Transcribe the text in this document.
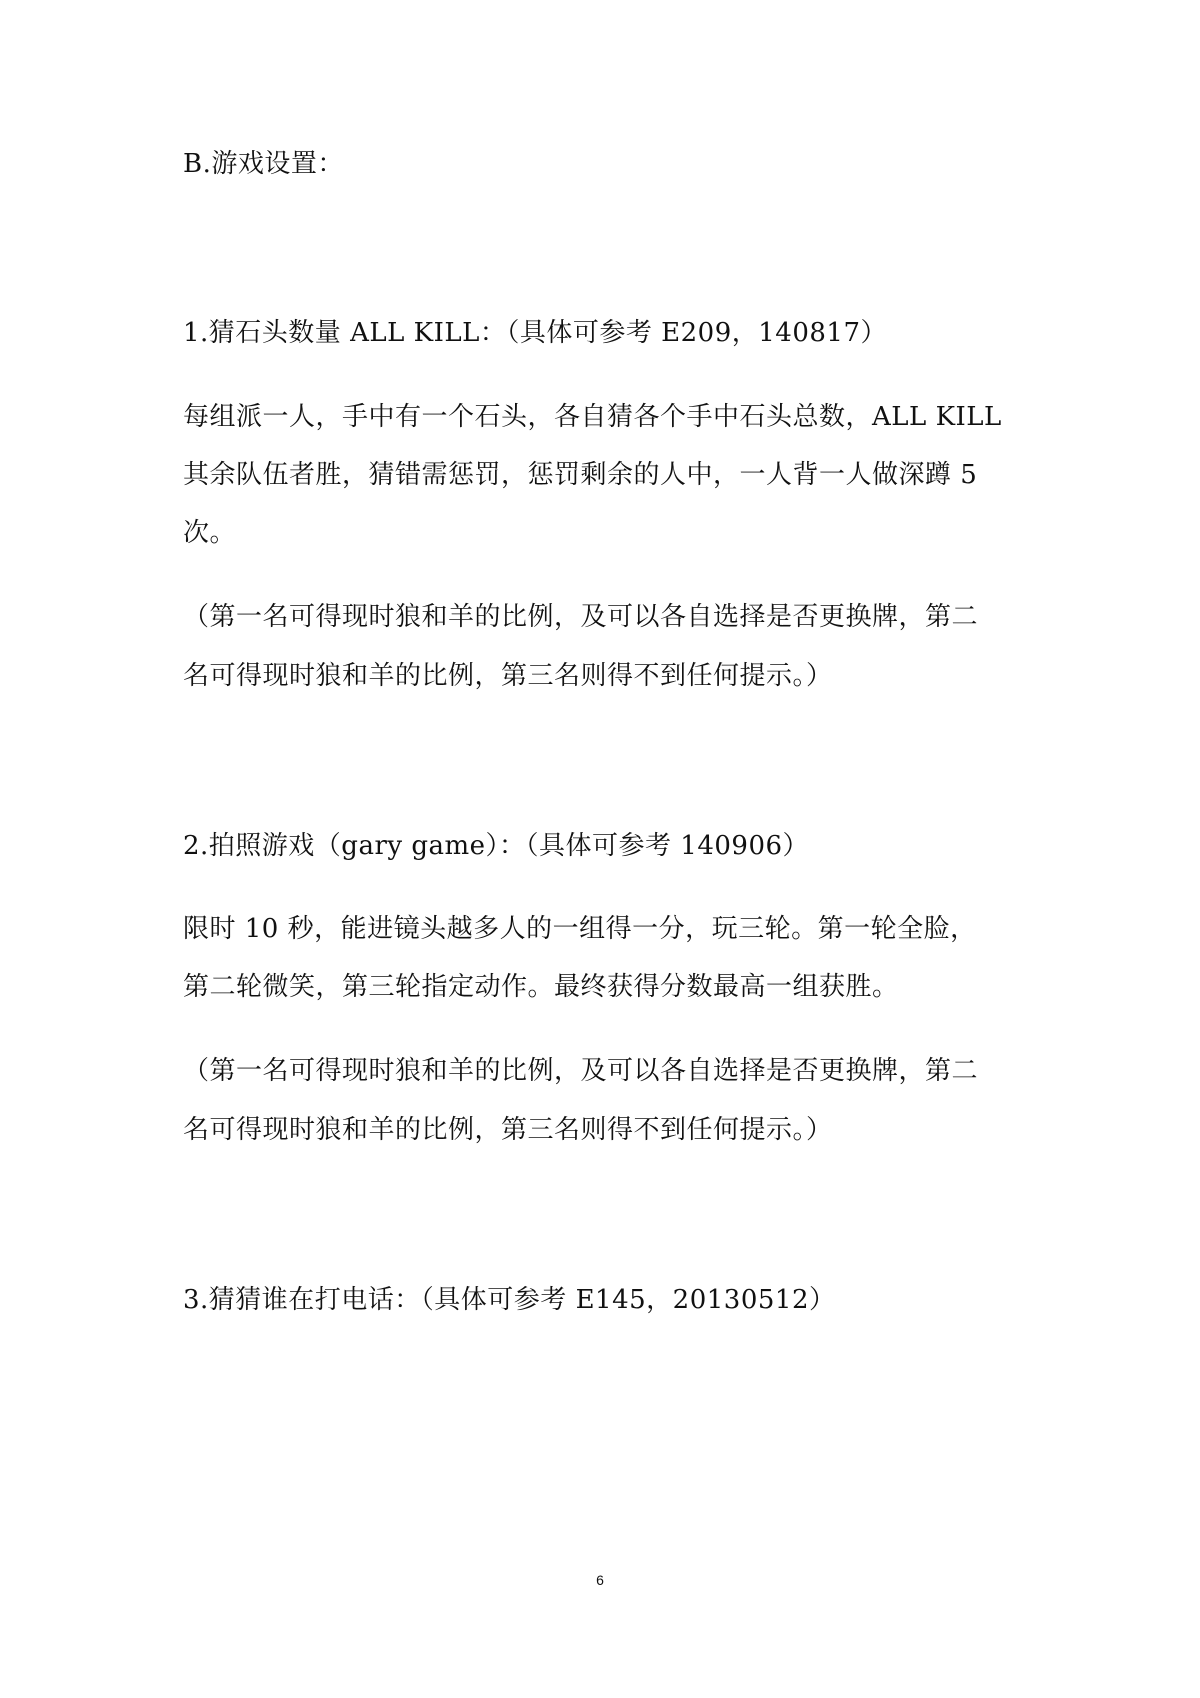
B.游戏设置：
1.猜石头数量 ALL KILL：（具体可参考 E209，140817）
每组派一人，手中有一个石头，各自猜各个手中石头总数，ALL KILL
其余队伍者胜，猜错需惩罚，惩罚剩余的人中，一人背一人做深蹲 5
次。
（第一名可得现时狼和羊的比例，及可以各自选择是否更换牌，第二
名可得现时狼和羊的比例，第三名则得不到任何提示。）
2.拍照游戏（gary game）：（具体可参考 140906）
限时 10 秒，能进镜头越多人的一组得一分，玩三轮。第一轮全脸，
第二轮微笑，第三轮指定动作。最终获得分数最高一组获胜。
（第一名可得现时狼和羊的比例，及可以各自选择是否更换牌，第二
名可得现时狼和羊的比例，第三名则得不到任何提示。）
3.猜猜谁在打电话：（具体可参考 E145，20130512）
6
